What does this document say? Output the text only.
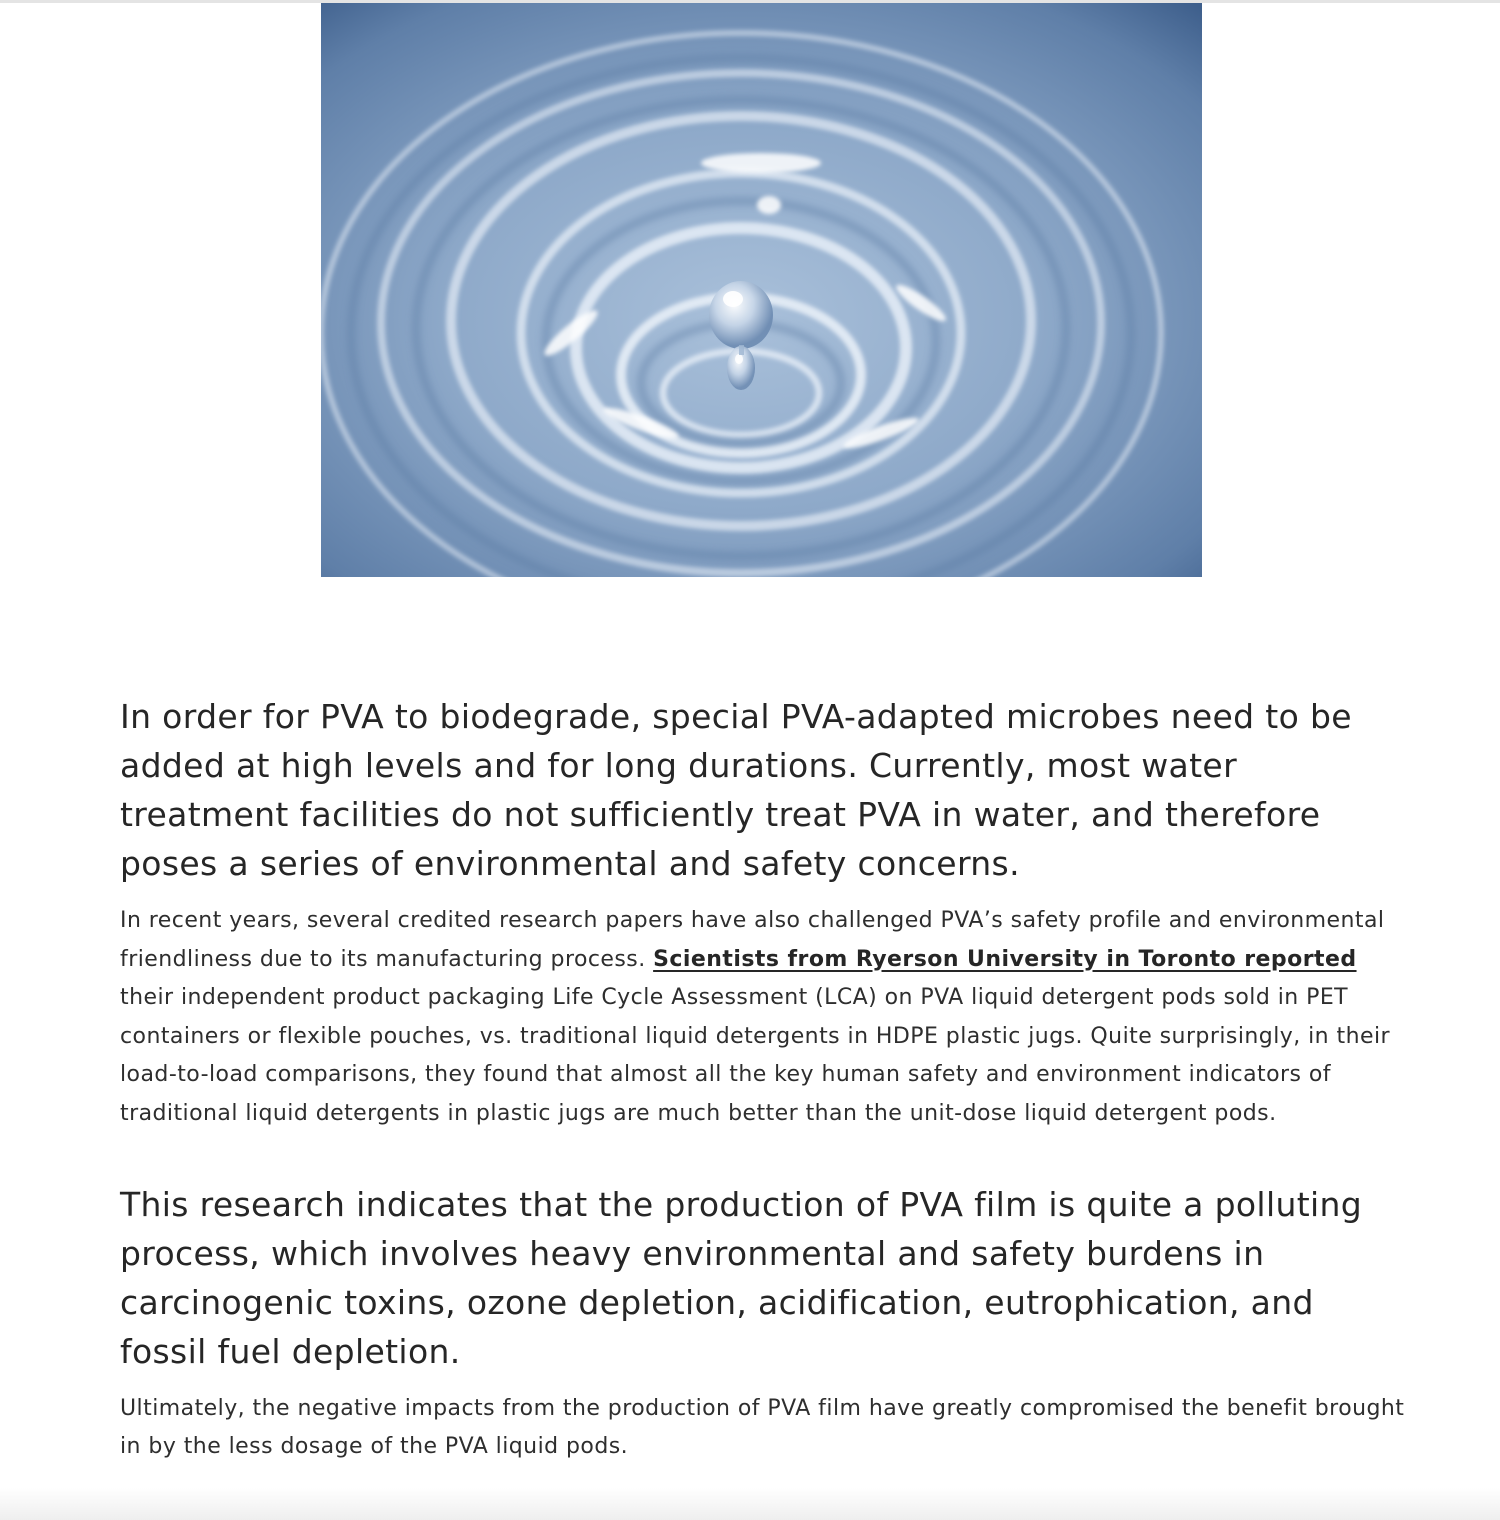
In order for PVA to biodegrade, special PVA-adapted microbes need to be added at high levels and for long durations. Currently, most water treatment facilities do not sufficiently treat PVA in water, and therefore poses a series of environmental and safety concerns.

In recent years, several credited research papers have also challenged PVA’s safety profile and environmental friendliness due to its manufacturing process. Scientists from Ryerson University in Toronto reported their independent product packaging Life Cycle Assessment (LCA) on PVA liquid detergent pods sold in PET containers or flexible pouches, vs. traditional liquid detergents in HDPE plastic jugs. Quite surprisingly, in their load-to-load comparisons, they found that almost all the key human safety and environment indicators of traditional liquid detergents in plastic jugs are much better than the unit-dose liquid detergent pods.

This research indicates that the production of PVA film is quite a polluting process, which involves heavy environmental and safety burdens in carcinogenic toxins, ozone depletion, acidification, eutrophication, and fossil fuel depletion.

Ultimately, the negative impacts from the production of PVA film have greatly compromised the benefit brought in by the less dosage of the PVA liquid pods.
